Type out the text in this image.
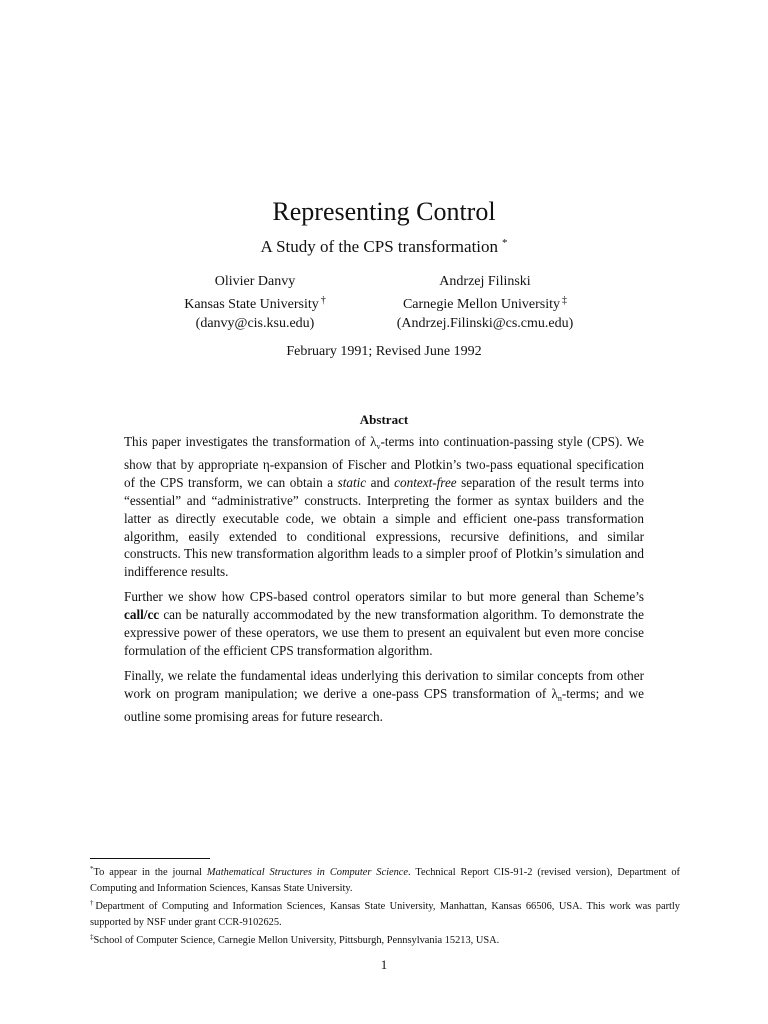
Representing Control
A Study of the CPS transformation *
Olivier Danvy
Kansas State University †
(danvy@cis.ksu.edu)
Andrzej Filinski
Carnegie Mellon University ‡
(Andrzej.Filinski@cs.cmu.edu)
February 1991; Revised June 1992
Abstract

This paper investigates the transformation of $\lambda_v$-terms into continuation-passing style (CPS). We show that by appropriate η-expansion of Fischer and Plotkin’s two-pass equational specification of the CPS transform, we can obtain a static and context-free separation of the result terms into “essential” and “administrative” constructs. Interpreting the former as syntax builders and the latter as directly executable code, we obtain a simple and efficient one-pass transformation algorithm, easily extended to conditional expressions, recursive definitions, and similar constructs. This new transformation algorithm leads to a simpler proof of Plotkin’s simulation and indifference results.

Further we show how CPS-based control operators similar to but more general than Scheme’s call/cc can be naturally accommodated by the new transformation algorithm. To demonstrate the expressive power of these operators, we use them to present an equivalent but even more concise formulation of the efficient CPS transformation algorithm.

Finally, we relate the fundamental ideas underlying this derivation to similar concepts from other work on program manipulation; we derive a one-pass CPS transformation of $\lambda_n$-terms; and we outline some promising areas for future research.

*To appear in the journal Mathematical Structures in Computer Science. Technical Report CIS-91-2 (revised version), Department of Computing and Information Sciences, Kansas State University.

†Department of Computing and Information Sciences, Kansas State University, Manhattan, Kansas 66506, USA. This work was partly supported by NSF under grant CCR-9102625.

‡School of Computer Science, Carnegie Mellon University, Pittsburgh, Pennsylvania 15213, USA.

1
